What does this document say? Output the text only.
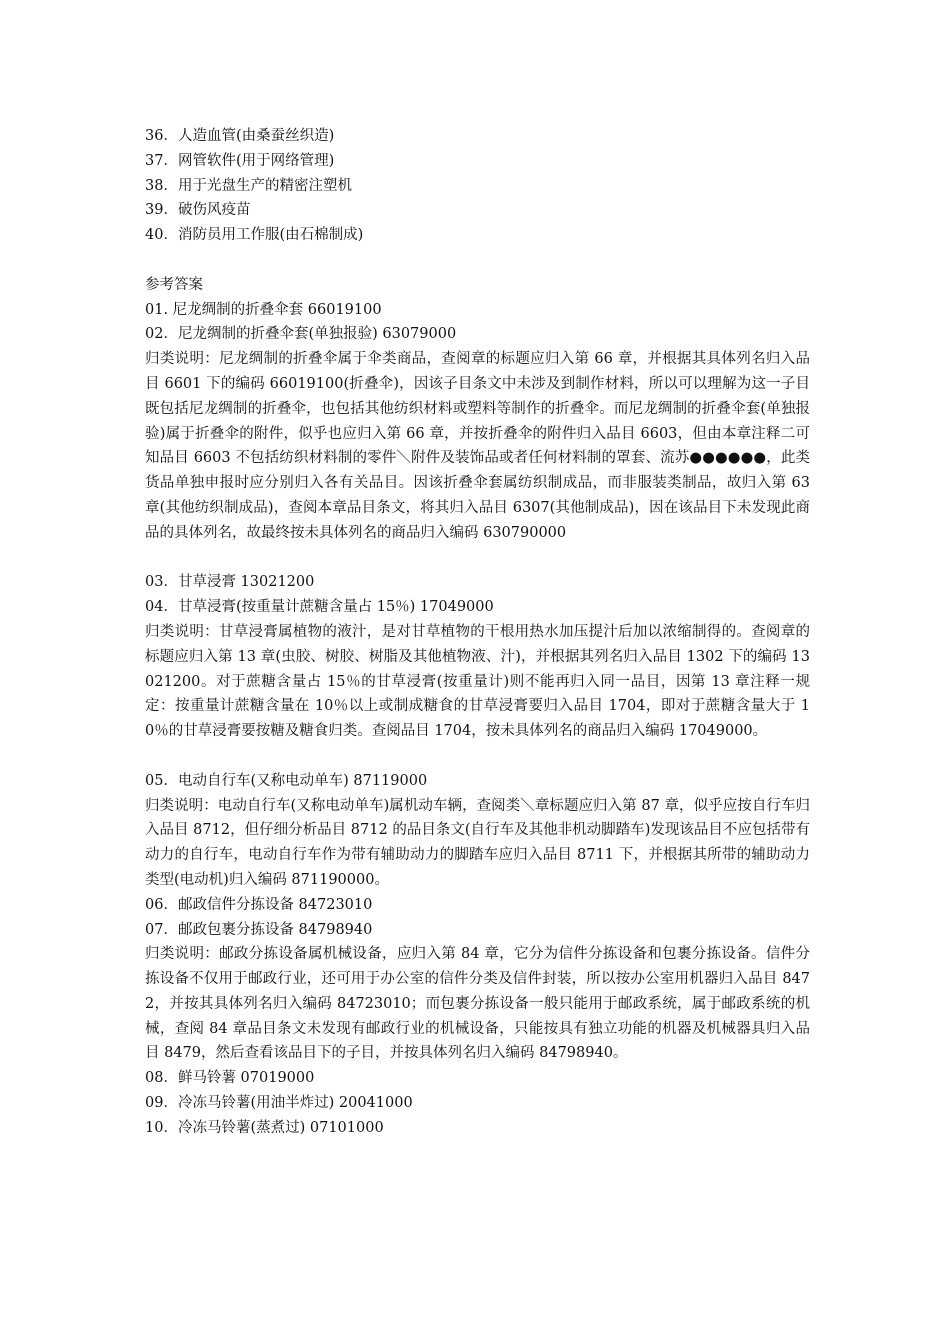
36．人造血管(由桑蚕丝织造)
37．网管软件(用于网络管理)
38．用于光盘生产的精密注塑机
39．破伤风疫苗
40．消防员用工作服(由石棉制成)
参考答案
01. 尼龙绸制的折叠伞套 66019100
02．尼龙绸制的折叠伞套(单独报验) 63079000
归类说明：尼龙绸制的折叠伞属于伞类商品，查阅章的标题应归入第 66 章，并根据其具体列名归入品目 6601 下的编码 66019100(折叠伞)，因该子目条文中未涉及到制作材料，所以可以理解为这一子目既包括尼龙绸制的折叠伞，也包括其他纺织材料或塑料等制作的折叠伞。而尼龙绸制的折叠伞套(单独报验)属于折叠伞的附件，似乎也应归入第 66 章，并按折叠伞的附件归入品目 6603，但由本章注释二可知品目 6603 不包括纺织材料制的零件＼附件及装饰品或者任何材料制的罩套、流苏●●●●●●，此类货品单独申报时应分别归入各有关品目。因该折叠伞套属纺织制成品，而非服装类制品，故归入第 63 章(其他纺织制成品)，查阅本章品目条文，将其归入品目 6307(其他制成品)，因在该品目下未发现此商品的具体列名，故最终按未具体列名的商品归入编码 630790000
03．甘草浸膏 13021200
04．甘草浸膏(按重量计蔗糖含量占 15％) 17049000
归类说明：甘草浸膏属植物的液汁，是对甘草植物的干根用热水加压提汁后加以浓缩制得的。查阅章的标题应归入第 13 章(虫胶、树胶、树脂及其他植物液、汁)，并根据其列名归入品目 1302 下的编码 13021200。对于蔗糖含量占 15％的甘草浸膏(按重量计)则不能再归入同一品目，因第 13 章注释一规定：按重量计蔗糖含量在 10％以上或制成糖食的甘草浸膏要归入品目 1704，即对于蔗糖含量大于 10％的甘草浸膏要按糖及糖食归类。查阅品目 1704，按未具体列名的商品归入编码 17049000。
05．电动自行车(又称电动单车) 87119000
归类说明：电动自行车(又称电动单车)属机动车辆，查阅类＼章标题应归入第 87 章，似乎应按自行车归入品目 8712，但仔细分析品目 8712 的品目条文(自行车及其他非机动脚踏车)发现该品目不应包括带有动力的自行车，电动自行车作为带有辅助动力的脚踏车应归入品目 8711 下，并根据其所带的辅助动力类型(电动机)归入编码 871190000。
06．邮政信件分拣设备 84723010
07．邮政包裹分拣设备 84798940
归类说明：邮政分拣设备属机械设备，应归入第 84 章，它分为信件分拣设备和包裹分拣设备。信件分拣设备不仅用于邮政行业，还可用于办公室的信件分类及信件封装，所以按办公室用机器归入品目 8472，并按其具体列名归入编码 84723010；而包裹分拣设备一般只能用于邮政系统，属于邮政系统的机械，查阅 84 章品目条文未发现有邮政行业的机械设备，只能按具有独立功能的机器及机械器具归入品目 8479，然后查看该品目下的子目，并按具体列名归入编码 84798940。
08．鲜马铃薯 07019000
09．冷冻马铃薯(用油半炸过) 20041000
10．冷冻马铃薯(蒸煮过) 07101000
